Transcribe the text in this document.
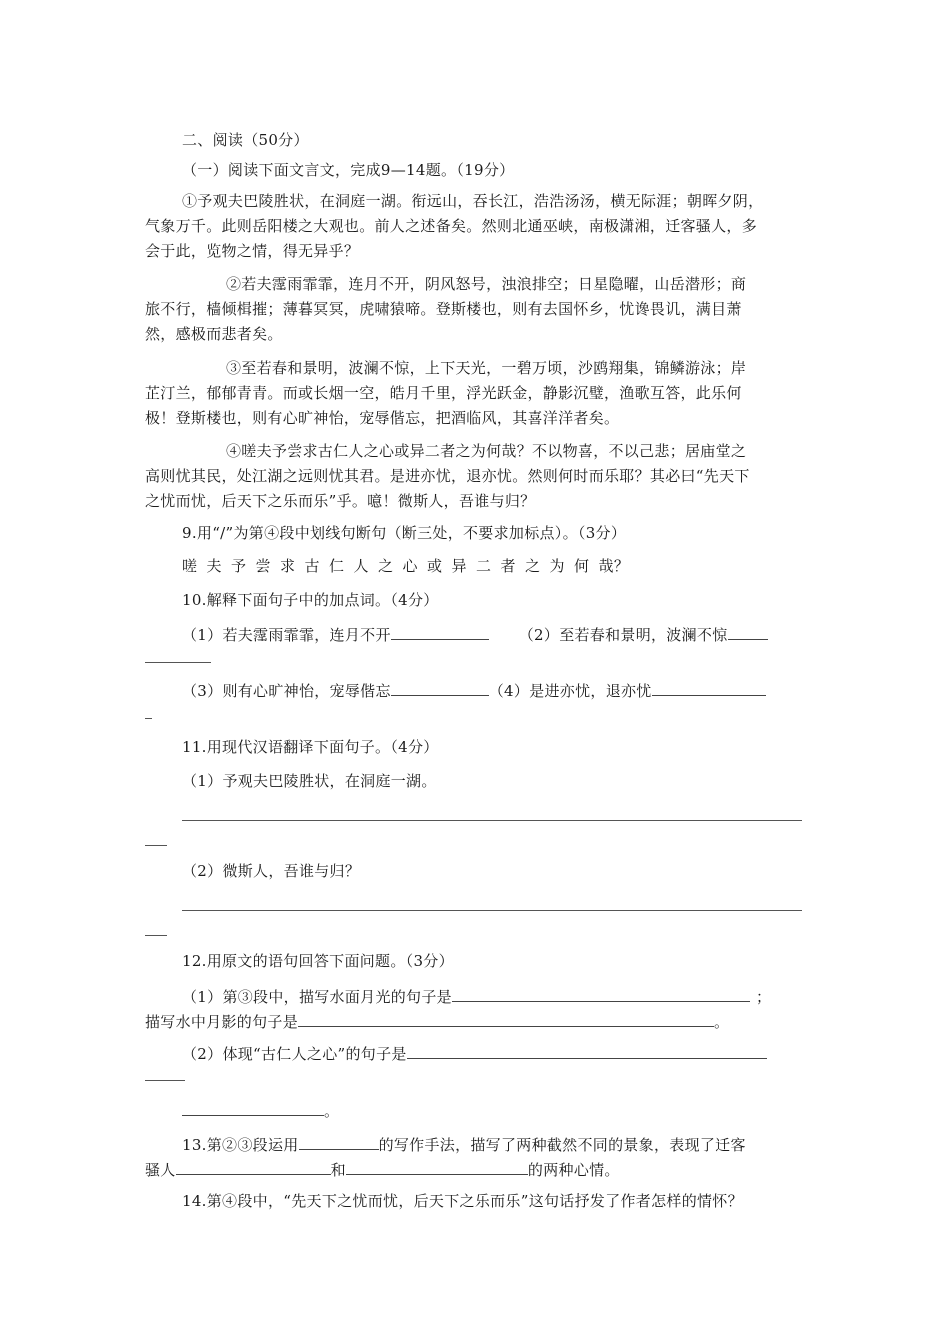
二、阅读（50分）
（一）阅读下面文言文，完成9—14题。（19分）
①予观夫巴陵胜状，在洞庭一湖。衔远山，吞长江，浩浩汤汤，横无际涯；朝晖夕阴，
气象万千。此则岳阳楼之大观也。前人之述备矣。然则北通巫峡，南极潇湘，迁客骚人，多
会于此，览物之情，得无异乎？
②若夫霪雨霏霏，连月不开，阴风怒号，浊浪排空；日星隐曜，山岳潜形；商
旅不行，樯倾楫摧；薄暮冥冥，虎啸猿啼。登斯楼也，则有去国怀乡，忧谗畏讥，满目萧
然，感极而悲者矣。
③至若春和景明，波澜不惊，上下天光，一碧万顷，沙鸥翔集，锦鳞游泳；岸
芷汀兰，郁郁青青。而或长烟一空，皓月千里，浮光跃金，静影沉璧，渔歌互答，此乐何
极！登斯楼也，则有心旷神怡，宠辱偕忘，把酒临风，其喜洋洋者矣。
④嗟夫予尝求古仁人之心或异二者之为何哉？不以物喜，不以己悲；居庙堂之
高则忧其民，处江湖之远则忧其君。是进亦忧，退亦忧。然则何时而乐耶？其必曰“先天下
之忧而忧，后天下之乐而乐”乎。噫！微斯人，吾谁与归？
9.用“/”为第④段中划线句断句（断三处，不要求加标点）。（3分）
嗟夫予尝求古仁人之心或异二者之为何哉？
10.解释下面句子中的加点词。（4分）
（1）若夫霪雨霏霏，连月不开	（2）至若春和景明，波澜不惊
（3）则有心旷神怡，宠辱偕忘	（4）是进亦忧，退亦忧
11.用现代汉语翻译下面句子。（4分）
（1）予观夫巴陵胜状，在洞庭一湖。
（2）微斯人，吾谁与归？
12.用原文的语句回答下面问题。（3分）
（1）第③段中，描写水面月光的句子是	；
描写水中月影的句子是	。
（2）体现“古仁人之心”的句子是
。
13.第②③段运用	的写作手法，描写了两种截然不同的景象，表现了迁客
骚人	和	的两种心情。
14.第④段中，“先天下之忧而忧，后天下之乐而乐”这句话抒发了作者怎样的情怀？
